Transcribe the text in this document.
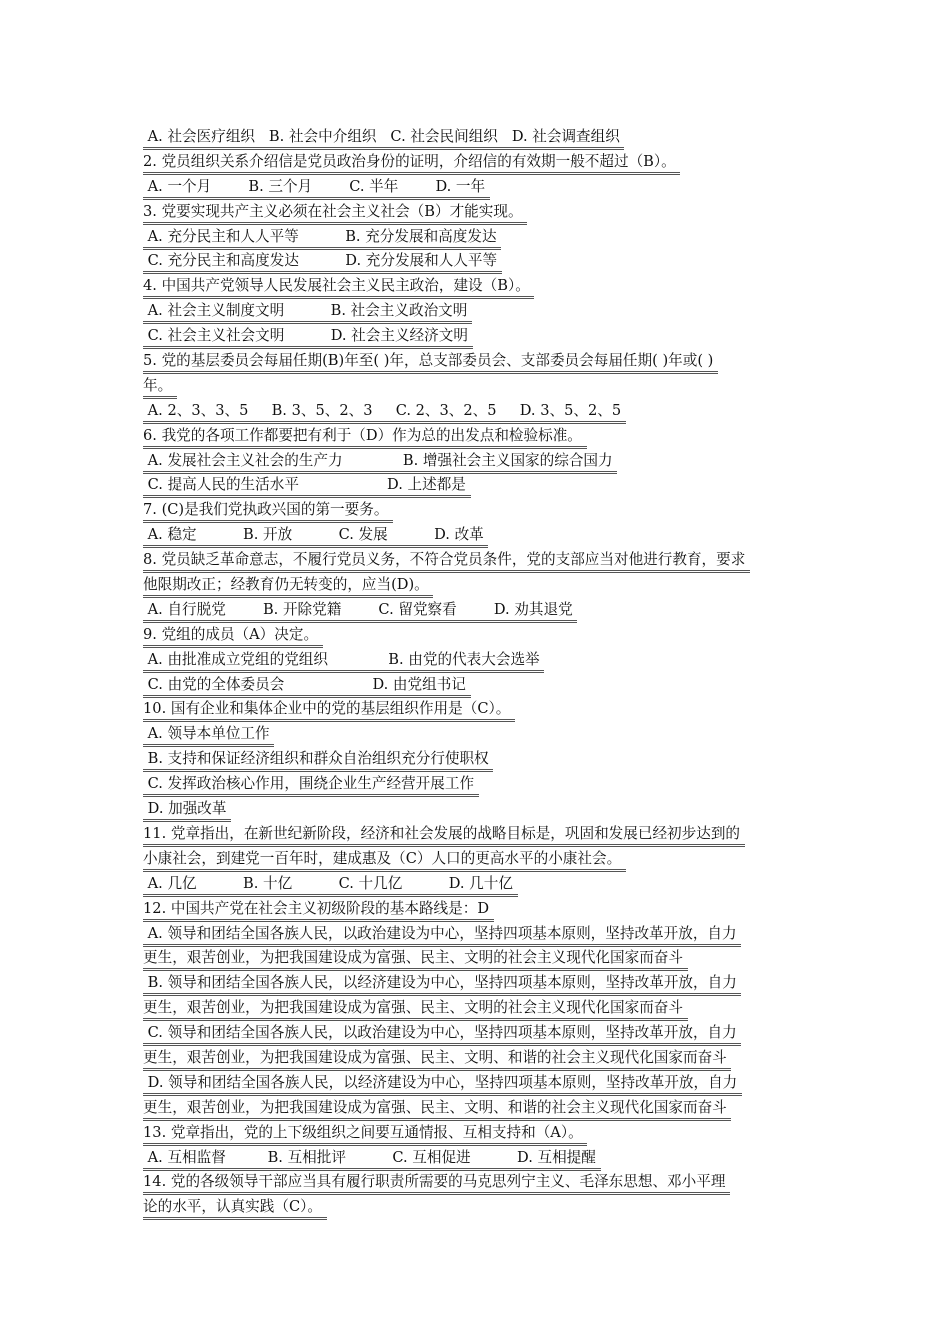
A. 社会医疗组织   B. 社会中介组织   C. 社会民间组织   D. 社会调查组织
2. 党员组织关系介绍信是党员政治身份的证明，介绍信的有效期一般不超过（B）。
A. 一个月        B. 三个月        C. 半年        D. 一年
3. 党要实现共产主义必须在社会主义社会（B）才能实现。
A. 充分民主和人人平等          B. 充分发展和高度发达
C. 充分民主和高度发达          D. 充分发展和人人平等
4. 中国共产党领导人民发展社会主义民主政治，建设（B）。
A. 社会主义制度文明          B. 社会主义政治文明
C. 社会主义社会文明          D. 社会主义经济文明
5. 党的基层委员会每届任期(B)年至( )年，总支部委员会、支部委员会每届任期( )年或( )
年。
A. 2、3、3、5     B. 3、5、2、3     C. 2、3、2、5     D. 3、5、2、5
6. 我党的各项工作都要把有利于（D）作为总的出发点和检验标准。
A. 发展社会主义社会的生产力             B. 增强社会主义国家的综合国力
C. 提高人民的生活水平                   D. 上述都是
7. (C)是我们党执政兴国的第一要务。
A. 稳定          B. 开放          C. 发展          D. 改革
8. 党员缺乏革命意志，不履行党员义务，不符合党员条件，党的支部应当对他进行教育，要求
他限期改正；经教育仍无转变的，应当(D)。
A. 自行脱党        B. 开除党籍        C. 留党察看        D. 劝其退党
9. 党组的成员（A）决定。
A. 由批准成立党组的党组织             B. 由党的代表大会选举
C. 由党的全体委员会                   D. 由党组书记
10. 国有企业和集体企业中的党的基层组织作用是（C）。
A. 领导本单位工作
B. 支持和保证经济组织和群众自治组织充分行使职权
C. 发挥政治核心作用，围绕企业生产经营开展工作
D. 加强改革
11. 党章指出，在新世纪新阶段，经济和社会发展的战略目标是，巩固和发展已经初步达到的
小康社会，到建党一百年时，建成惠及（C）人口的更高水平的小康社会。
A. 几亿          B. 十亿          C. 十几亿          D. 几十亿
12. 中国共产党在社会主义初级阶段的基本路线是：D
A. 领导和团结全国各族人民，以政治建设为中心，坚持四项基本原则，坚持改革开放，自力
更生，艰苦创业，为把我国建设成为富强、民主、文明的社会主义现代化国家而奋斗
B. 领导和团结全国各族人民，以经济建设为中心，坚持四项基本原则，坚持改革开放，自力
更生，艰苦创业，为把我国建设成为富强、民主、文明的社会主义现代化国家而奋斗
C. 领导和团结全国各族人民，以政治建设为中心，坚持四项基本原则，坚持改革开放，自力
更生，艰苦创业，为把我国建设成为富强、民主、文明、和谐的社会主义现代化国家而奋斗
D. 领导和团结全国各族人民，以经济建设为中心，坚持四项基本原则，坚持改革开放，自力
更生，艰苦创业，为把我国建设成为富强、民主、文明、和谐的社会主义现代化国家而奋斗
13. 党章指出，党的上下级组织之间要互通情报、互相支持和（A）。
A. 互相监督         B. 互相批评          C. 互相促进          D. 互相提醒
14. 党的各级领导干部应当具有履行职责所需要的马克思列宁主义、毛泽东思想、邓小平理
论的水平，认真实践（C）。
